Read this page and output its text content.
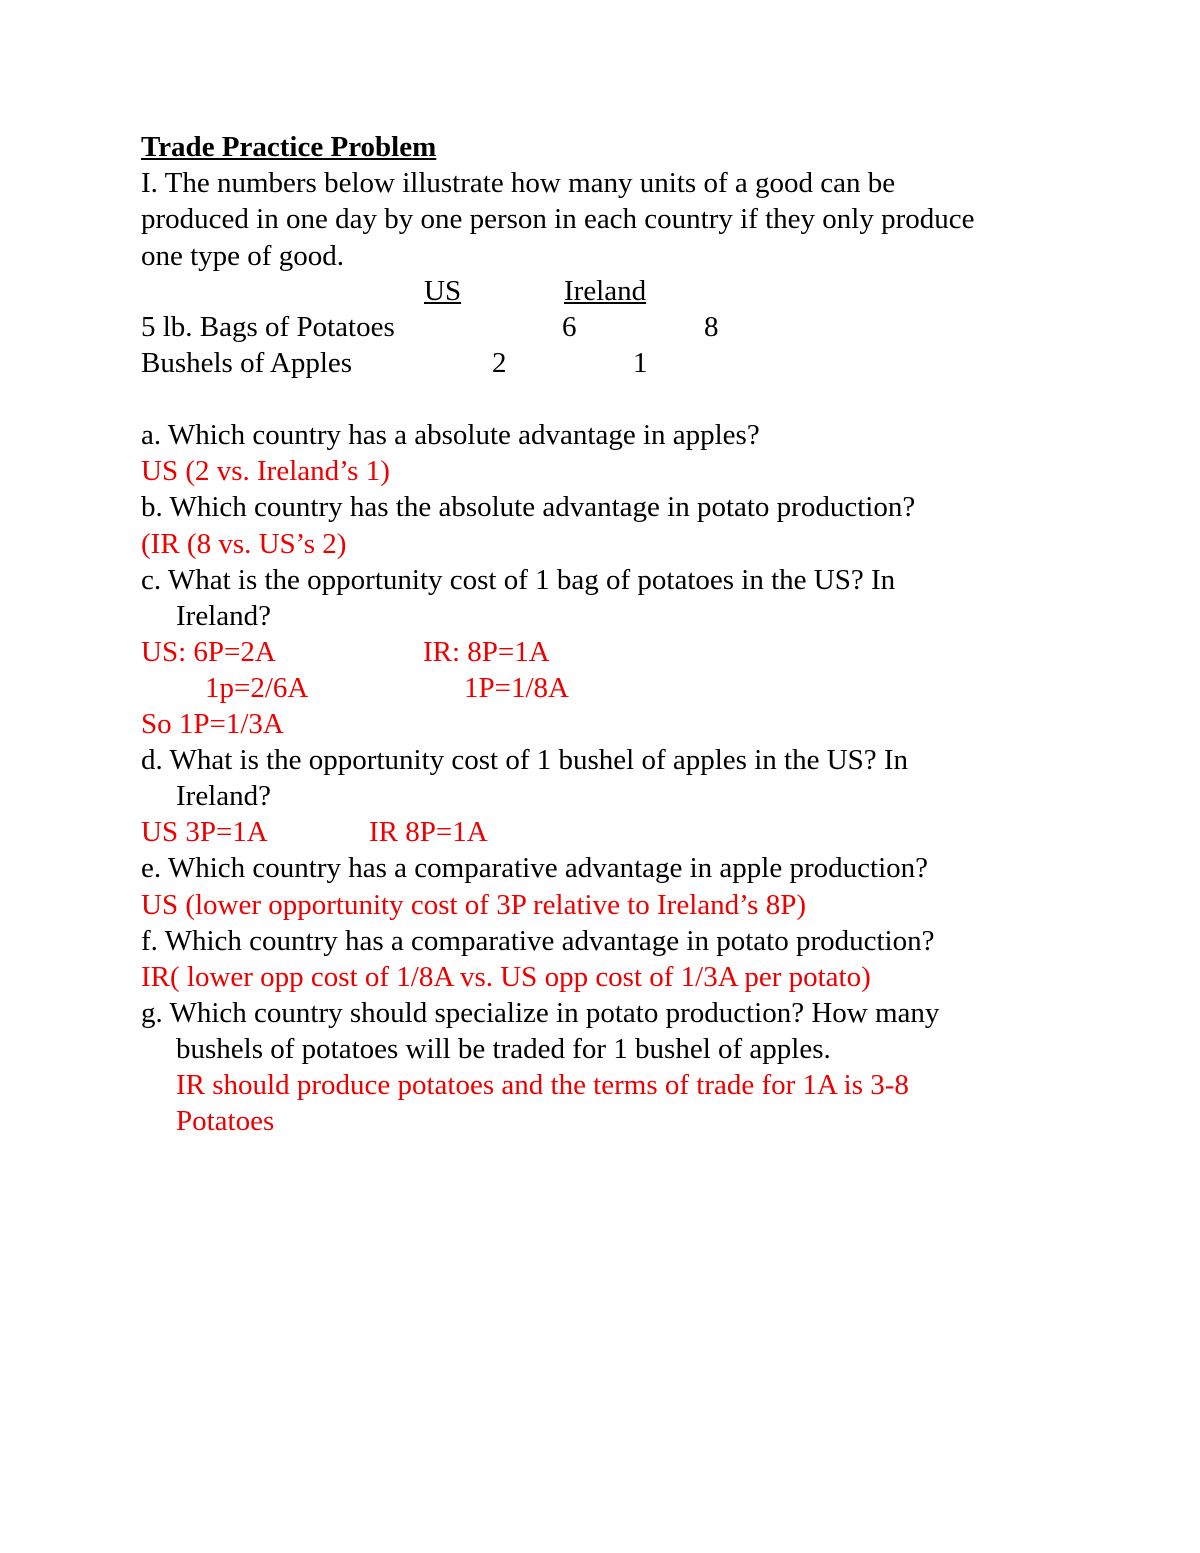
Trade Practice Problem
I. The numbers below illustrate how many units of a good can be
produced in one day by one person in each country if they only produce
one type of good.
US	Ireland
5 lb. Bags of Potatoes	6	8
Bushels of Apples	2	1
a. Which country has a absolute advantage in apples?
US (2 vs. Ireland’s 1)
b. Which country has the absolute advantage in potato production?
(IR (8 vs. US’s 2)
c. What is the opportunity cost of 1 bag of potatoes in the US? In
Ireland?
US: 6P=2A	IR: 8P=1A
1p=2/6A	1P=1/8A
So 1P=1/3A
d. What is the opportunity cost of 1 bushel of apples in the US? In
Ireland?
US 3P=1A	IR 8P=1A
e. Which country has a comparative advantage in apple production?
US (lower opportunity cost of 3P relative to Ireland’s 8P)
f. Which country has a comparative advantage in potato production?
IR( lower opp cost of 1/8A vs. US opp cost of 1/3A per potato)
g. Which country should specialize in potato production? How many
bushels of potatoes will be traded for 1 bushel of apples.
IR should produce potatoes and the terms of trade for 1A is 3-8
Potatoes
